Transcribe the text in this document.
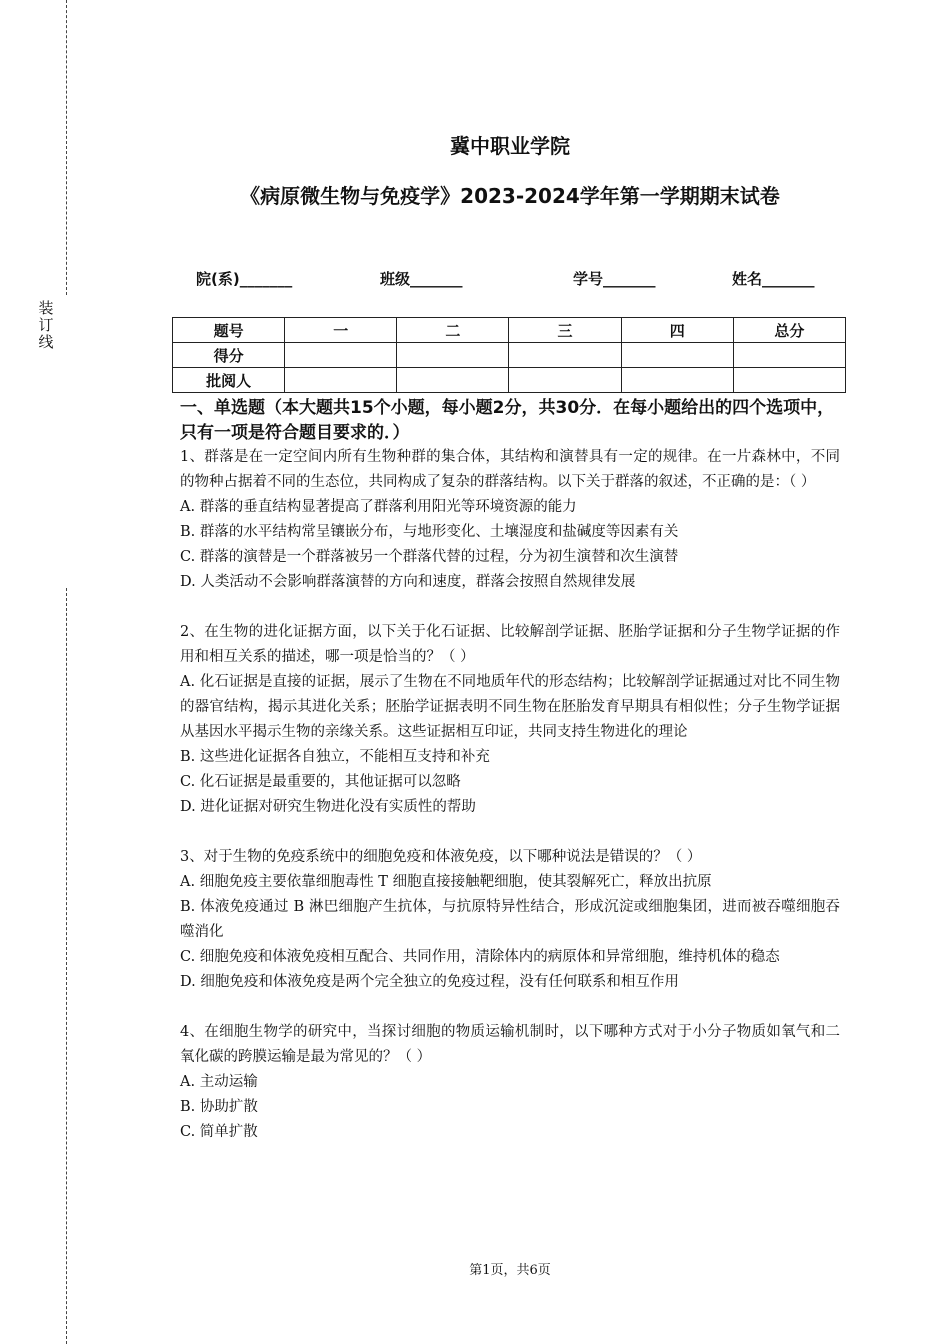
装
订
线
冀中职业学院
《病原微生物与免疫学》2023-2024学年第一学期期末试卷
院(系)_______	班级_______	学号_______	姓名_______
题号	一	二	三	四	总分
得分					
批阅人					
一、单选题（本大题共15个小题，每小题2分，共30分．在每小题给出的四个选项中，只有一项是符合题目要求的．）
1、群落是在一定空间内所有生物种群的集合体，其结构和演替具有一定的规律。在一片森林中，不同的物种占据着不同的生态位，共同构成了复杂的群落结构。以下关于群落的叙述，不正确的是：（ ）
A. 群落的垂直结构显著提高了群落利用阳光等环境资源的能力
B. 群落的水平结构常呈镶嵌分布，与地形变化、土壤湿度和盐碱度等因素有关
C. 群落的演替是一个群落被另一个群落代替的过程，分为初生演替和次生演替
D. 人类活动不会影响群落演替的方向和速度，群落会按照自然规律发展
2、在生物的进化证据方面，以下关于化石证据、比较解剖学证据、胚胎学证据和分子生物学证据的作用和相互关系的描述，哪一项是恰当的？（ ）
A. 化石证据是直接的证据，展示了生物在不同地质年代的形态结构；比较解剖学证据通过对比不同生物的器官结构，揭示其进化关系；胚胎学证据表明不同生物在胚胎发育早期具有相似性；分子生物学证据从基因水平揭示生物的亲缘关系。这些证据相互印证，共同支持生物进化的理论
B. 这些进化证据各自独立，不能相互支持和补充
C. 化石证据是最重要的，其他证据可以忽略
D. 进化证据对研究生物进化没有实质性的帮助
3、对于生物的免疫系统中的细胞免疫和体液免疫，以下哪种说法是错误的？（ ）
A. 细胞免疫主要依靠细胞毒性 T 细胞直接接触靶细胞，使其裂解死亡，释放出抗原
B. 体液免疫通过 B 淋巴细胞产生抗体，与抗原特异性结合，形成沉淀或细胞集团，进而被吞噬细胞吞噬消化
C. 细胞免疫和体液免疫相互配合、共同作用，清除体内的病原体和异常细胞，维持机体的稳态
D. 细胞免疫和体液免疫是两个完全独立的免疫过程，没有任何联系和相互作用
4、在细胞生物学的研究中，当探讨细胞的物质运输机制时，以下哪种方式对于小分子物质如氧气和二氧化碳的跨膜运输是最为常见的？（ ）
A. 主动运输
B. 协助扩散
C. 简单扩散
第1页，共6页
